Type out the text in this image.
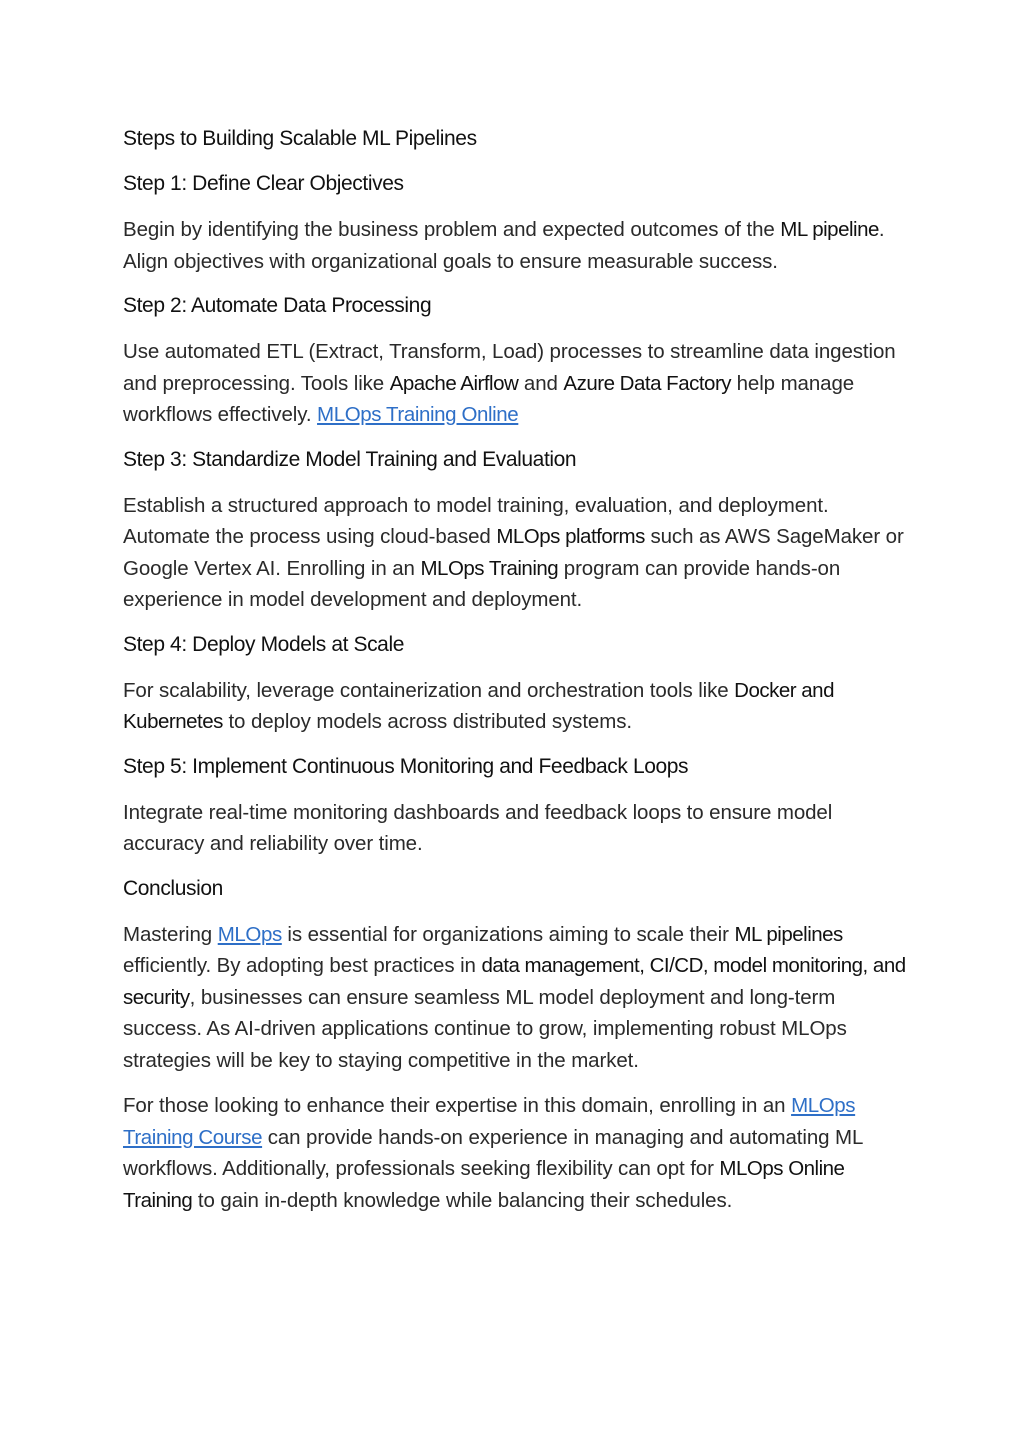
Steps to Building Scalable ML Pipelines
Step 1: Define Clear Objectives

Begin by identifying the business problem and expected outcomes of the ML pipeline. Align objectives with organizational goals to ensure measurable success.

Step 2: Automate Data Processing

Use automated ETL (Extract, Transform, Load) processes to streamline data ingestion and preprocessing. Tools like Apache Airflow and Azure Data Factory help manage workflows effectively. MLOps Training Online

Step 3: Standardize Model Training and Evaluation

Establish a structured approach to model training, evaluation, and deployment. Automate the process using cloud-based MLOps platforms such as AWS SageMaker or Google Vertex AI. Enrolling in an MLOps Training program can provide hands-on experience in model development and deployment.

Step 4: Deploy Models at Scale

For scalability, leverage containerization and orchestration tools like Docker and Kubernetes to deploy models across distributed systems.

Step 5: Implement Continuous Monitoring and Feedback Loops

Integrate real-time monitoring dashboards and feedback loops to ensure model accuracy and reliability over time.

Conclusion

Mastering MLOps is essential for organizations aiming to scale their ML pipelines efficiently. By adopting best practices in data management, CI/CD, model monitoring, and security, businesses can ensure seamless ML model deployment and long-term success. As AI-driven applications continue to grow, implementing robust MLOps strategies will be key to staying competitive in the market.

For those looking to enhance their expertise in this domain, enrolling in an MLOps Training Course can provide hands-on experience in managing and automating ML workflows. Additionally, professionals seeking flexibility can opt for MLOps Online Training to gain in-depth knowledge while balancing their schedules.
